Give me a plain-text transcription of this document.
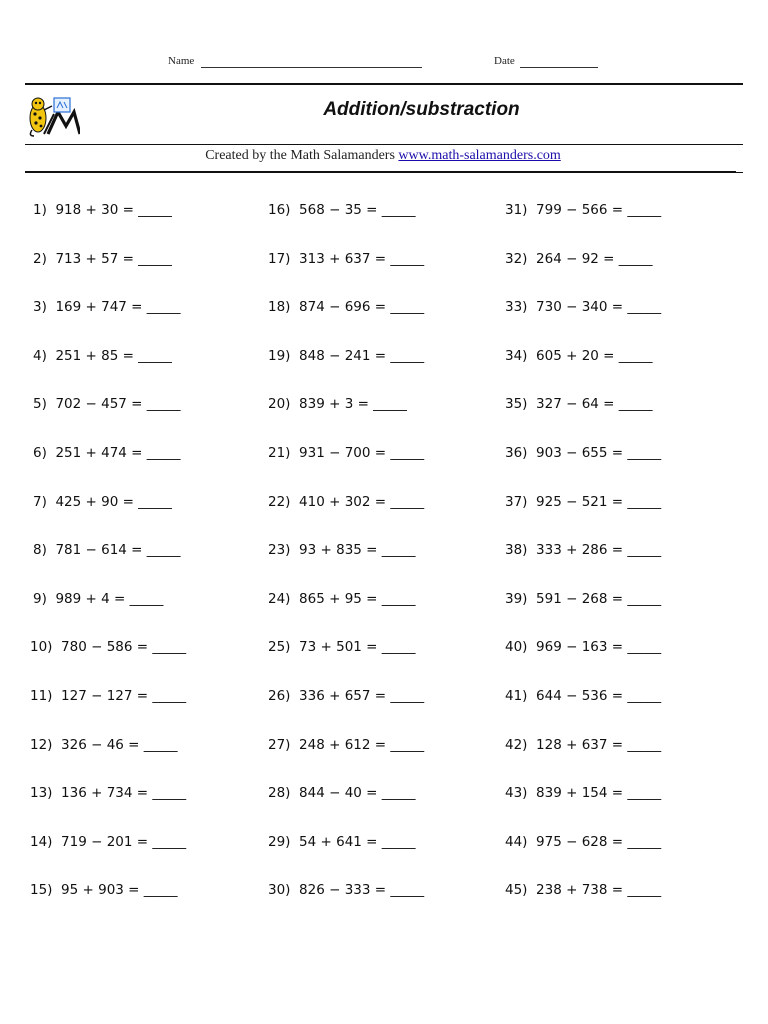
Name	Date
Addition/substraction
Created by the Math Salamanders www.math-salamanders.com
1)  918 + 30 = _____
2)  713 + 57 = _____
3)  169 + 747 = _____
4)  251 + 85 = _____
5)  702 − 457 = _____
6)  251 + 474 = _____
7)  425 + 90 = _____
8)  781 − 614 = _____
9)  989 + 4 = _____
10)  780 − 586 = _____
11)  127 − 127 = _____
12)  326 − 46 = _____
13)  136 + 734 = _____
14)  719 − 201 = _____
15)  95 + 903 = _____
16)  568 − 35 = _____
17)  313 + 637 = _____
18)  874 − 696 = _____
19)  848 − 241 = _____
20)  839 + 3 = _____
21)  931 − 700 = _____
22)  410 + 302 = _____
23)  93 + 835 = _____
24)  865 + 95 = _____
25)  73 + 501 = _____
26)  336 + 657 = _____
27)  248 + 612 = _____
28)  844 − 40 = _____
29)  54 + 641 = _____
30)  826 − 333 = _____
31)  799 − 566 = _____
32)  264 − 92 = _____
33)  730 − 340 = _____
34)  605 + 20 = _____
35)  327 − 64 = _____
36)  903 − 655 = _____
37)  925 − 521 = _____
38)  333 + 286 = _____
39)  591 − 268 = _____
40)  969 − 163 = _____
41)  644 − 536 = _____
42)  128 + 637 = _____
43)  839 + 154 = _____
44)  975 − 628 = _____
45)  238 + 738 = _____
